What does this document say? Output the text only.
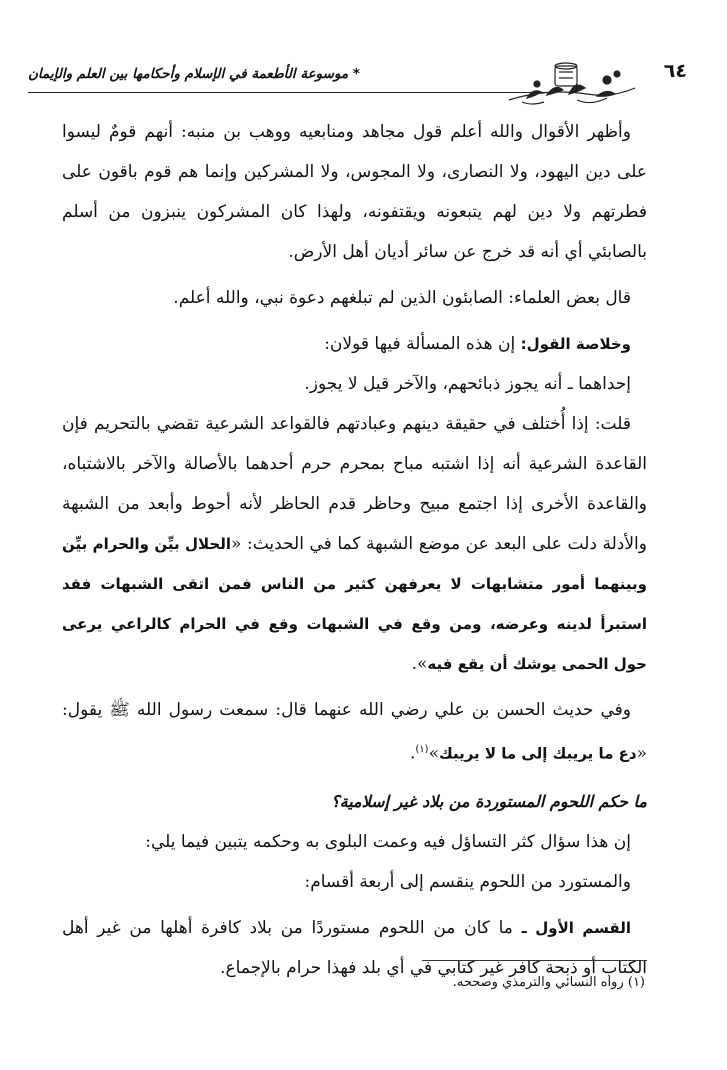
* موسوعة الأطعمة في الإسلام وأحكامها بين العلم والإيمان	٦٤

وأظهر الأقوال والله أعلم قول مجاهد ومنابعيه ووهب بن منبه: أنهم قومٌ ليسوا على دين اليهود، ولا النصارى، ولا المجوس، ولا المشركين وإنما هم قوم باقون على فطرتهم ولا دين لهم يتبعونه ويقتفونه، ولهذا كان المشركون ينبزون من أسلم بالصابئي أي أنه قد خرج عن سائر أديان أهل الأرض.

قال بعض العلماء: الصابئون الذين لم تبلغهم دعوة نبي، والله أعلم.

وخلاصة القول: إن هذه المسألة فيها قولان:

إحداهما ـ أنه يجوز ذبائحهم، والآخر قيل لا يجوز.

قلت: إذا أُختلف في حقيقة دينهم وعبادتهم فالقواعد الشرعية تقضي بالتحريم فإن القاعدة الشرعية أنه إذا اشتبه مباح بمحرم حرم أحدهما بالأصالة والآخر بالاشتباه، والقاعدة الأخرى إذا اجتمع مبيح وحاظر قدم الحاظر لأنه أحوط وأبعد من الشبهة والأدلة دلت على البعد عن موضع الشبهة كما في الحديث: «الحلال بيِّن والحرام بيِّن وبينهما أمور متشابهات لا يعرفهن كثير من الناس فمن اتقى الشبهات فقد استبرأ لدينه وعرضه، ومن وقع في الشبهات وقع في الحرام كالراعي يرعى حول الحمى يوشك أن يقع فيه».

وفي حديث الحسن بن علي رضي الله عنهما قال: سمعت رسول الله ﷺ يقول: «دع ما يريبك إلى ما لا يريبك»$^{(١)}$.

ما حكم اللحوم المستوردة من بلاد غير إسلامية؟

إن هذا سؤال كثر التساؤل فيه وعمت البلوى به وحكمه يتبين فيما يلي:

والمستورد من اللحوم ينقسم إلى أربعة أقسام:

القسم الأول ـ ما كان من اللحوم مستوردًا من بلاد كافرة أهلها من غير أهل الكتاب أو ذبحة كافر غير كتابي في أي بلد فهذا حرام بالإجماع.

(١) رواه النسائي والترمذي وصححه.
